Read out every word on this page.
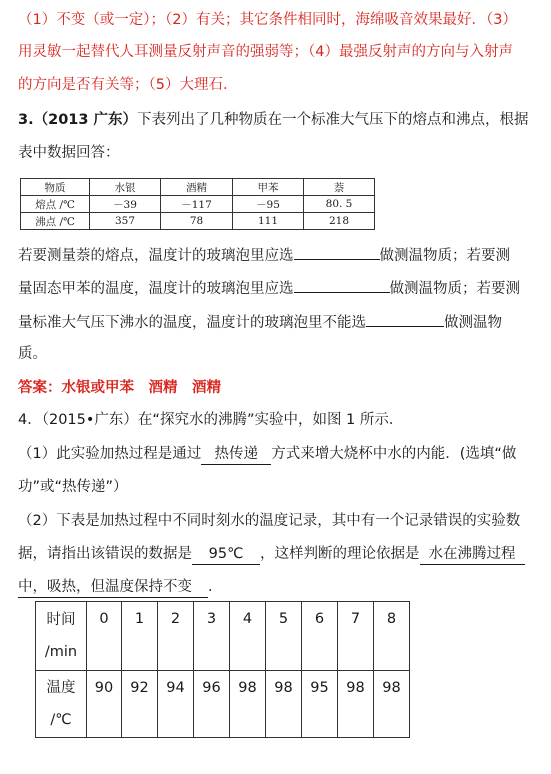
（1）不变（或一定）；（2）有关；其它条件相同时，海绵吸音效果最好．（3）
用灵敏一起替代人耳测量反射声音的强弱等；（4）最强反射声的方向与入射声
的方向是否有关等；（5）大理石．
3.（2013 广东）下表列出了几种物质在一个标准大气压下的熔点和沸点，根据
表中数据回答：
物质	水银	酒精	甲苯	萘
熔点 /℃	－39	－117	－95	80. 5
沸点 /℃	357	78	111	218
若要测量萘的熔点，温度计的玻璃泡里应选	做测温物质；若要测
量固态甲苯的温度，温度计的玻璃泡里应选	做测温物质；若要测
量标准大气压下沸水的温度，温度计的玻璃泡里不能选	做测温物
质。
答案：水银或甲苯　酒精　酒精
4．（2015•广东）在“探究水的沸腾”实验中，如图 1 所示．
（1）此实验加热过程是通过 热传递 方式来增大烧杯中水的内能．(选填“做
功”或“热传递”）
（2）下表是加热过程中不同时刻水的温度记录，其中有一个记录错误的实验数
据，请指出该错误的数据是 95℃ ，这样判断的理论依据是 水在沸腾过程
中，吸热，但温度保持不变 ．
时间
/min	0	1	2	3	4	5	6	7	8
温度
/℃	90	92	94	96	98	98	95	98	98
